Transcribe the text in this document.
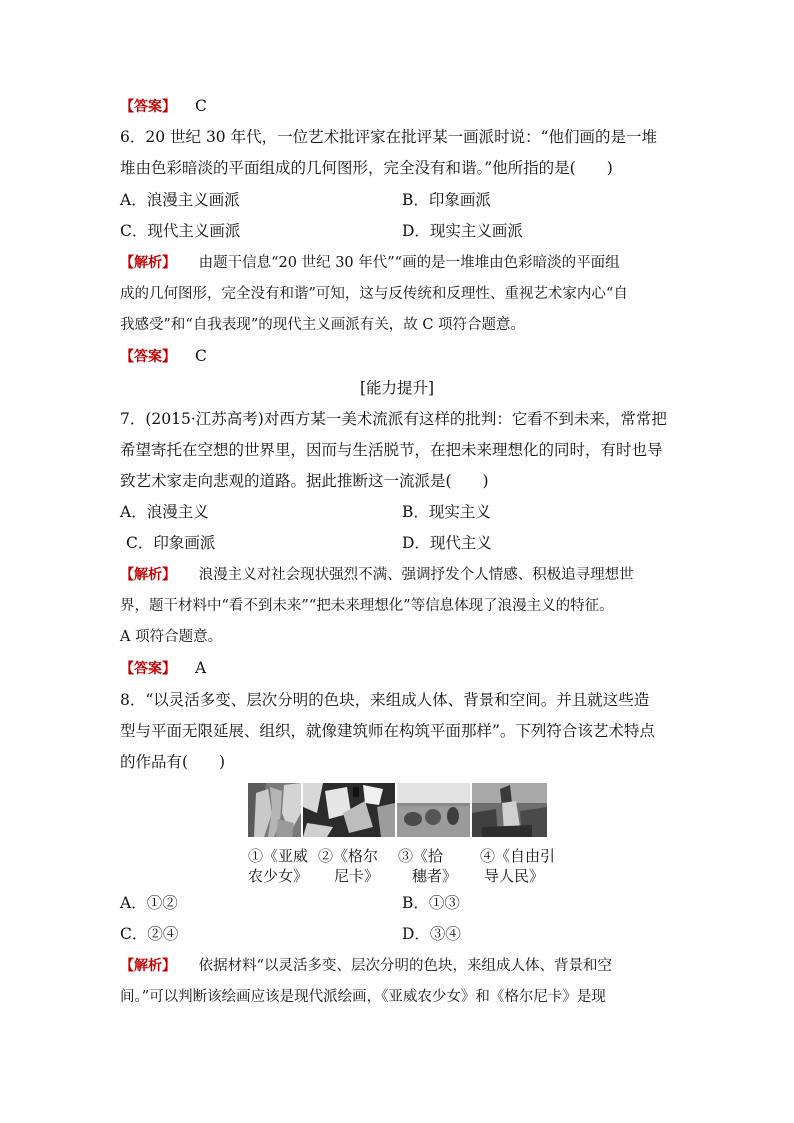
【答案】 C
6．20 世纪 30 年代，一位艺术批评家在批评某一画派时说：“他们画的是一堆
堆由色彩暗淡的平面组成的几何图形，完全没有和谐。”他所指的是(　　)
A．浪漫主义画派	B．印象画派
C．现代主义画派	D．现实主义画派
【解析】 由题干信息“20 世纪 30 年代”“画的是一堆堆由色彩暗淡的平面组
成的几何图形，完全没有和谐”可知，这与反传统和反理性、重视艺术家内心“自
我感受”和“自我表现”的现代主义画派有关，故 C 项符合题意。
【答案】 C
[能力提升]
7．(2015·江苏高考)对西方某一美术流派有这样的批判：它看不到未来，常常把
希望寄托在空想的世界里，因而与生活脱节，在把未来理想化的同时，有时也导
致艺术家走向悲观的道路。据此推断这一流派是(　　)
A．浪漫主义	B．现实主义
C．印象画派	D．现代主义
【解析】 浪漫主义对社会现状强烈不满、强调抒发个人情感、积极追寻理想世
界，题干材料中“看不到未来”“把未来理想化”等信息体现了浪漫主义的特征。
A 项符合题意。
【答案】 A
8．“以灵活多变、层次分明的色块，来组成人体、背景和空间。并且就这些造
型与平面无限延展、组织，就像建筑师在构筑平面那样”。下列符合该艺术特点
的作品有(　　)
①《亚威
农少女》
②《格尔
尼卡》
③《拾
穗者》
④《自由引
导人民》
A．①②	B．①③
C．②④	D．③④
【解析】 依据材料“以灵活多变、层次分明的色块，来组成人体、背景和空
间。”可以判断该绘画应该是现代派绘画，《亚威农少女》和《格尔尼卡》是现
